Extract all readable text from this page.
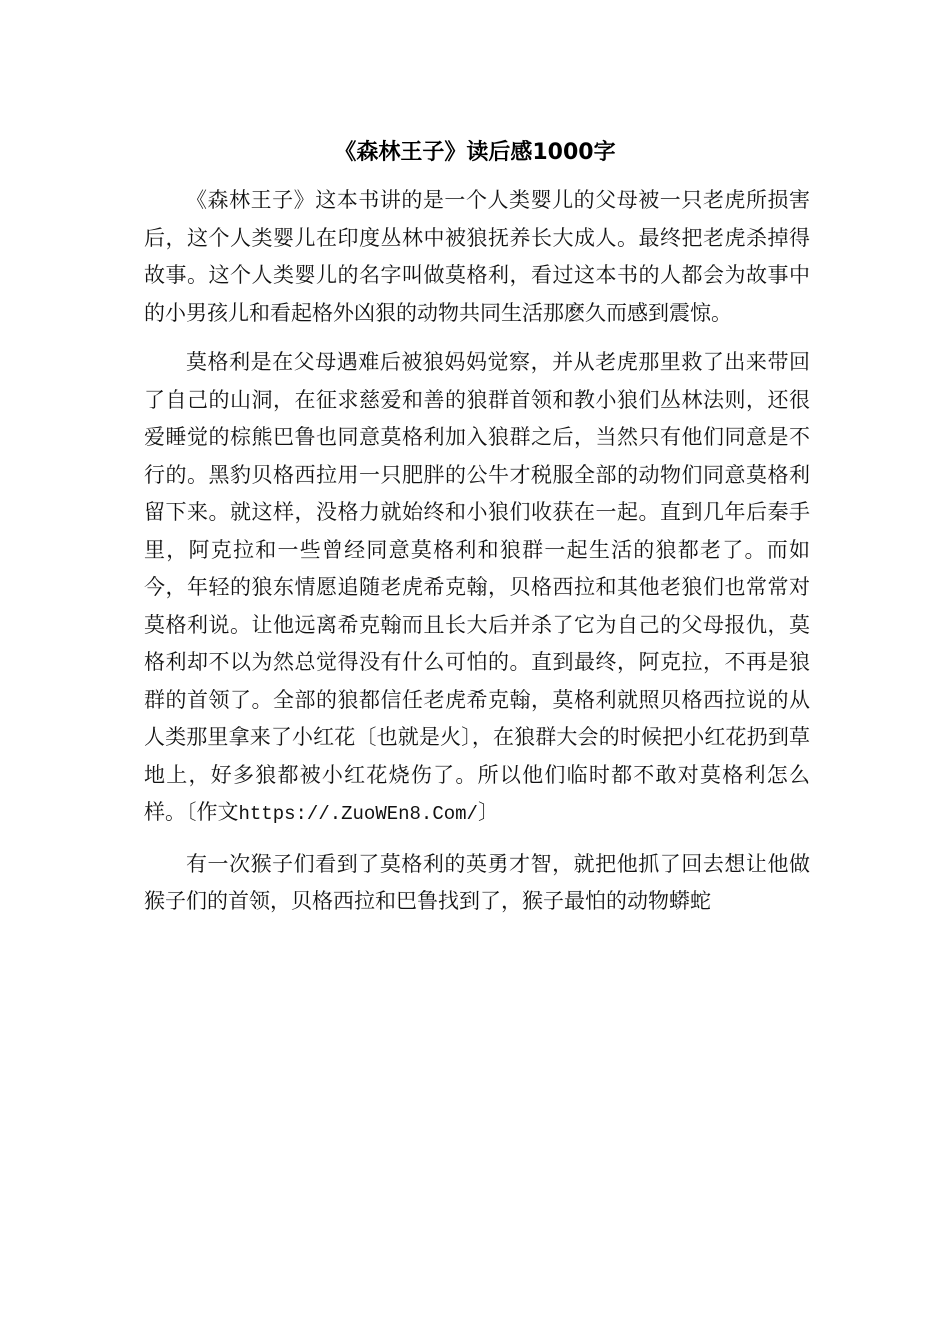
《森林王子》读后感1000字

《森林王子》这本书讲的是一个人类婴儿的父母被一只老虎所损害后，这个人类婴儿在印度丛林中被狼抚养长大成人。最终把老虎杀掉得故事。这个人类婴儿的名字叫做莫格利，看过这本书的人都会为故事中的小男孩儿和看起格外凶狠的动物共同生活那麽久而感到震惊。

莫格利是在父母遇难后被狼妈妈觉察，并从老虎那里救了出来带回了自己的山洞，在征求慈爱和善的狼群首领和教小狼们丛林法则，还很爱睡觉的棕熊巴鲁也同意莫格利加入狼群之后，当然只有他们同意是不行的。黑豹贝格西拉用一只肥胖的公牛才税服全部的动物们同意莫格利留下来。就这样，没格力就始终和小狼们收获在一起。直到几年后秦手里，阿克拉和一些曾经同意莫格利和狼群一起生活的狼都老了。而如今，年轻的狼东情愿追随老虎希克翰，贝格西拉和其他老狼们也常常对莫格利说。让他远离希克翰而且长大后并杀了它为自己的父母报仇，莫格利却不以为然总觉得没有什么可怕的。直到最终，阿克拉，不再是狼群的首领了。全部的狼都信任老虎希克翰，莫格利就照贝格西拉说的从人类那里拿来了小红花〔也就是火〕，在狼群大会的时候把小红花扔到草地上，好多狼都被小红花烧伤了。所以他们临时都不敢对莫格利怎么样。〔作文https://.ZuoWEn8.Com/〕

有一次猴子们看到了莫格利的英勇才智，就把他抓了回去想让他做猴子们的首领，贝格西拉和巴鲁找到了，猴子最怕的动物蟒蛇
